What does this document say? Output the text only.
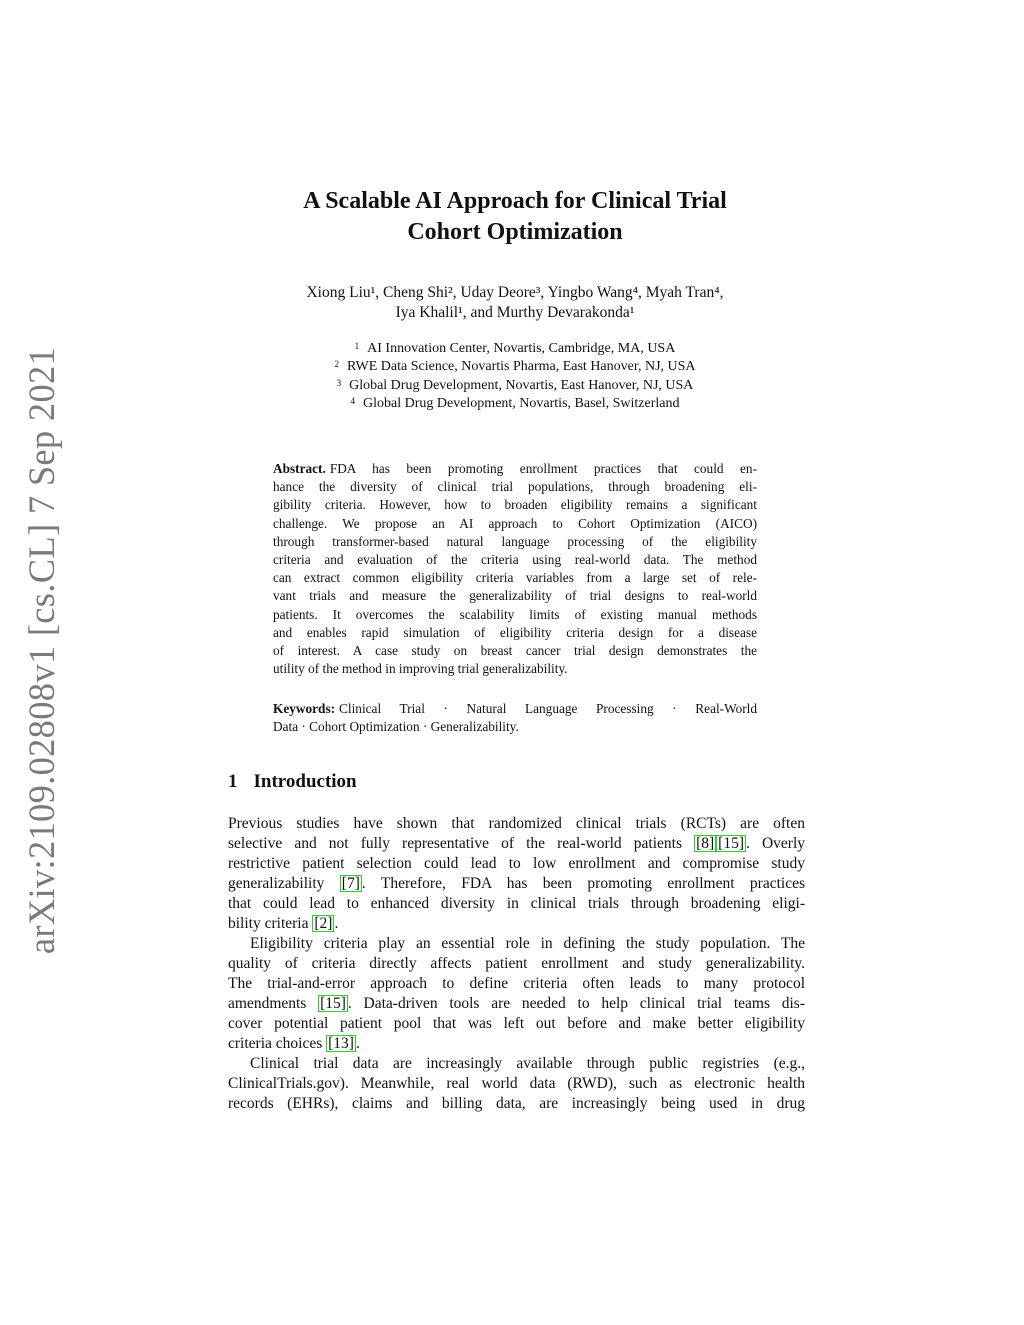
arXiv:2109.02808v1 [cs.CL] 7 Sep 2021
A Scalable AI Approach for Clinical Trial
Cohort Optimization
Xiong Liu¹, Cheng Shi², Uday Deore³, Yingbo Wang⁴, Myah Tran⁴,
Iya Khalil¹, and Murthy Devarakonda¹
$^1$ AI Innovation Center, Novartis, Cambridge, MA, USA
$^2$ RWE Data Science, Novartis Pharma, East Hanover, NJ, USA
$^3$ Global Drug Development, Novartis, East Hanover, NJ, USA
$^4$ Global Drug Development, Novartis, Basel, Switzerland
Abstract. FDA has been promoting enrollment practices that could en-
hance the diversity of clinical trial populations, through broadening eli-
gibility criteria. However, how to broaden eligibility remains a significant
challenge. We propose an AI approach to Cohort Optimization (AICO)
through transformer-based natural language processing of the eligibility
criteria and evaluation of the criteria using real-world data. The method
can extract common eligibility criteria variables from a large set of rele-
vant trials and measure the generalizability of trial designs to real-world
patients. It overcomes the scalability limits of existing manual methods
and enables rapid simulation of eligibility criteria design for a disease
of interest. A case study on breast cancer trial design demonstrates the
utility of the method in improving trial generalizability.
Keywords: Clinical Trial · Natural Language Processing · Real-World
Data · Cohort Optimization · Generalizability.
1 Introduction
Previous studies have shown that randomized clinical trials (RCTs) are often
selective and not fully representative of the real-world patients [8] [15] . Overly
restrictive patient selection could lead to low enrollment and compromise study
generalizability [7] . Therefore, FDA has been promoting enrollment practices
that could lead to enhanced diversity in clinical trials through broadening eligi-
bility criteria [2] .
Eligibility criteria play an essential role in defining the study population. The
quality of criteria directly affects patient enrollment and study generalizability.
The trial-and-error approach to define criteria often leads to many protocol
amendments [15] . Data-driven tools are needed to help clinical trial teams dis-
cover potential patient pool that was left out before and make better eligibility
criteria choices [13] .
Clinical trial data are increasingly available through public registries (e.g.,
ClinicalTrials.gov). Meanwhile, real world data (RWD), such as electronic health
records (EHRs), claims and billing data, are increasingly being used in drug
